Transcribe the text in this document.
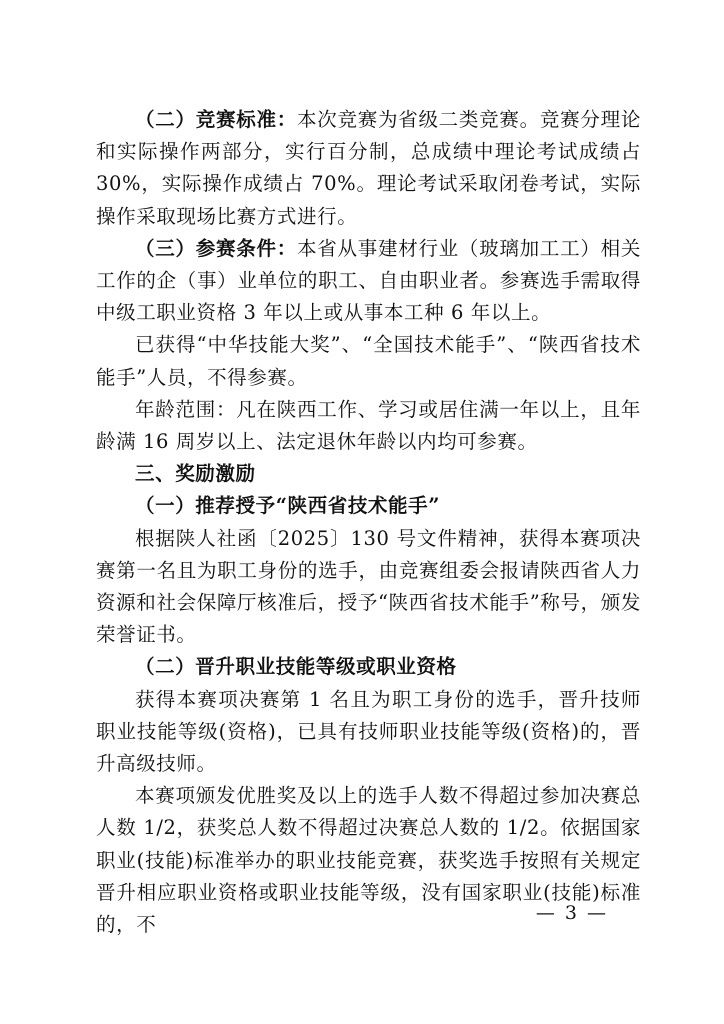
（二）竞赛标准：本次竞赛为省级二类竞赛。竞赛分理论和实际操作两部分，实行百分制，总成绩中理论考试成绩占 30%，实际操作成绩占 70%。理论考试采取闭卷考试，实际操作采取现场比赛方式进行。

（三）参赛条件：本省从事建材行业（玻璃加工工）相关工作的企（事）业单位的职工、自由职业者。参赛选手需取得中级工职业资格 3 年以上或从事本工种 6 年以上。

已获得“中华技能大奖”、“全国技术能手”、“陕西省技术能手”人员，不得参赛。

年龄范围：凡在陕西工作、学习或居住满一年以上，且年龄满 16 周岁以上、法定退休年龄以内均可参赛。

三、奖励激励

（一）推荐授予“陕西省技术能手”

根据陕人社函〔2025〕130 号文件精神，获得本赛项决赛第一名且为职工身份的选手，由竞赛组委会报请陕西省人力资源和社会保障厅核准后，授予“陕西省技术能手”称号，颁发荣誉证书。

（二）晋升职业技能等级或职业资格

获得本赛项决赛第 1 名且为职工身份的选手，晋升技师职业技能等级(资格)，已具有技师职业技能等级(资格)的，晋升高级技师。

本赛项颁发优胜奖及以上的选手人数不得超过参加决赛总人数 1/2，获奖总人数不得超过决赛总人数的 1/2。依据国家职业(技能)标准举办的职业技能竞赛，获奖选手按照有关规定晋升相应职业资格或职业技能等级，没有国家职业(技能)标准的，不

— 3 —
